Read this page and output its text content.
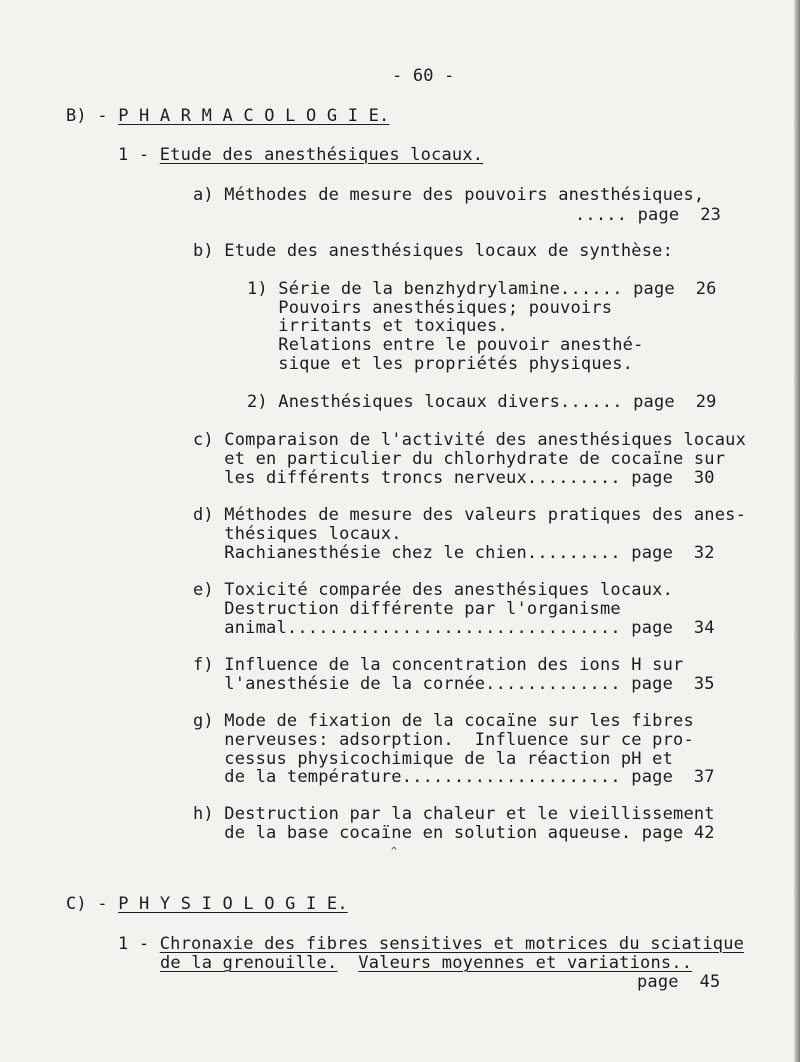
- 60 -
B) - P H A R M A C O L O G I E.
1 - Etude des anesthésiques locaux.
a) Méthodes de mesure des pouvoirs anesthésiques,
..... page  23
b) Etude des anesthésiques locaux de synthèse:
1) Série de la benzhydrylamine...... page  26
Pouvoirs anesthésiques; pouvoirs
irritants et toxiques.
Relations entre le pouvoir anesthé-
sique et les propriétés physiques.
2) Anesthésiques locaux divers...... page  29
c) Comparaison de l'activité des anesthésiques locaux
et en particulier du chlorhydrate de cocaïne sur
les différents troncs nerveux......... page  30
d) Méthodes de mesure des valeurs pratiques des anes-
thésiques locaux.
Rachianesthésie chez le chien......... page  32
e) Toxicité comparée des anesthésiques locaux.
Destruction différente par l'organisme
animal................................ page  34
f) Influence de la concentration des ions H sur
l'anesthésie de la cornée............. page  35
g) Mode de fixation de la cocaïne sur les fibres
nerveuses: adsorption.  Influence sur ce pro-
cessus physicochimique de la réaction pH et
de la température..................... page  37
h) Destruction par la chaleur et le vieillissement
de la base cocaïne en solution aqueuse. page 42
^
C) - P H Y S I O L O G I E.
1 - Chronaxie des fibres sensitives et motrices du sciatique
de la grenouille. Valeurs moyennes et variations..
page  45
